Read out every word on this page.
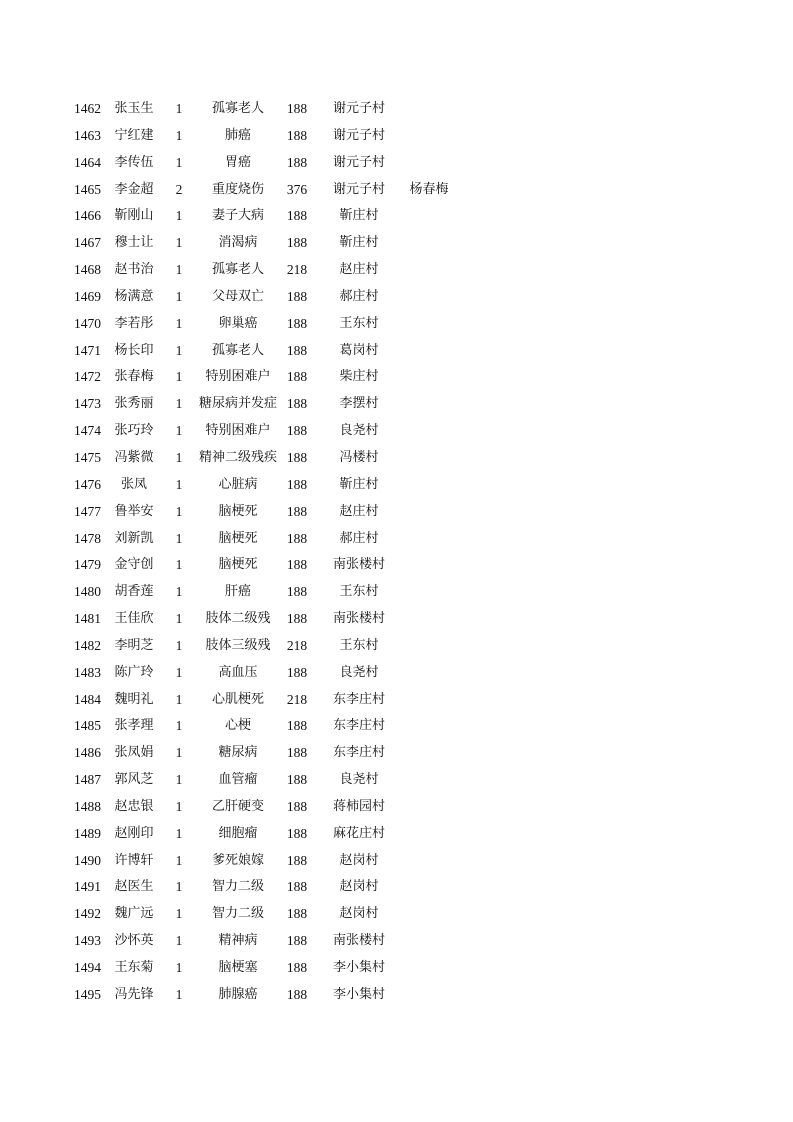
1462	张玉生	1	孤寡老人	188	谢元子村
1463	宁红建	1	肺癌	188	谢元子村
1464	李传伍	1	胃癌	188	谢元子村
1465	李金超	2	重度烧伤	376	谢元子村	杨春梅
1466	靳刚山	1	妻子大病	188	靳庄村
1467	穆士让	1	消渴病	188	靳庄村
1468	赵书治	1	孤寡老人	218	赵庄村
1469	杨满意	1	父母双亡	188	郝庄村
1470	李若彤	1	卵巢癌	188	王东村
1471	杨长印	1	孤寡老人	188	葛岗村
1472	张春梅	1	特别困难户	188	柴庄村
1473	张秀丽	1	糖尿病并发症 188	李摆村
1474	张巧玲	1	特别困难户	188	良尧村
1475	冯紫微	1	精神二级残疾 188	冯楼村
1476	张凤	1	心脏病	188	靳庄村
1477	鲁举安	1	脑梗死	188	赵庄村
1478	刘新凯	1	脑梗死	188	郝庄村
1479	金守创	1	脑梗死	188	南张楼村
1480	胡香莲	1	肝癌	188	王东村
1481	王佳欣	1	肢体二级残	188	南张楼村
1482	李明芝	1	肢体三级残	218	王东村
1483	陈广玲	1	高血压	188	良尧村
1484	魏明礼	1	心肌梗死	218	东李庄村
1485	张孝理	1	心梗	188	东李庄村
1486	张凤娟	1	糖尿病	188	东李庄村
1487	郭风芝	1	血管瘤	188	良尧村
1488	赵忠银	1	乙肝硬变	188	蒋柿园村
1489	赵刚印	1	细胞瘤	188	麻花庄村
1490	许博轩	1	爹死娘嫁	188	赵岗村
1491	赵医生	1	智力二级	188	赵岗村
1492	魏广远	1	智力二级	188	赵岗村
1493	沙怀英	1	精神病	188	南张楼村
1494	王东菊	1	脑梗塞	188	李小集村
1495	冯先锋	1	肺腺癌	188	李小集村
